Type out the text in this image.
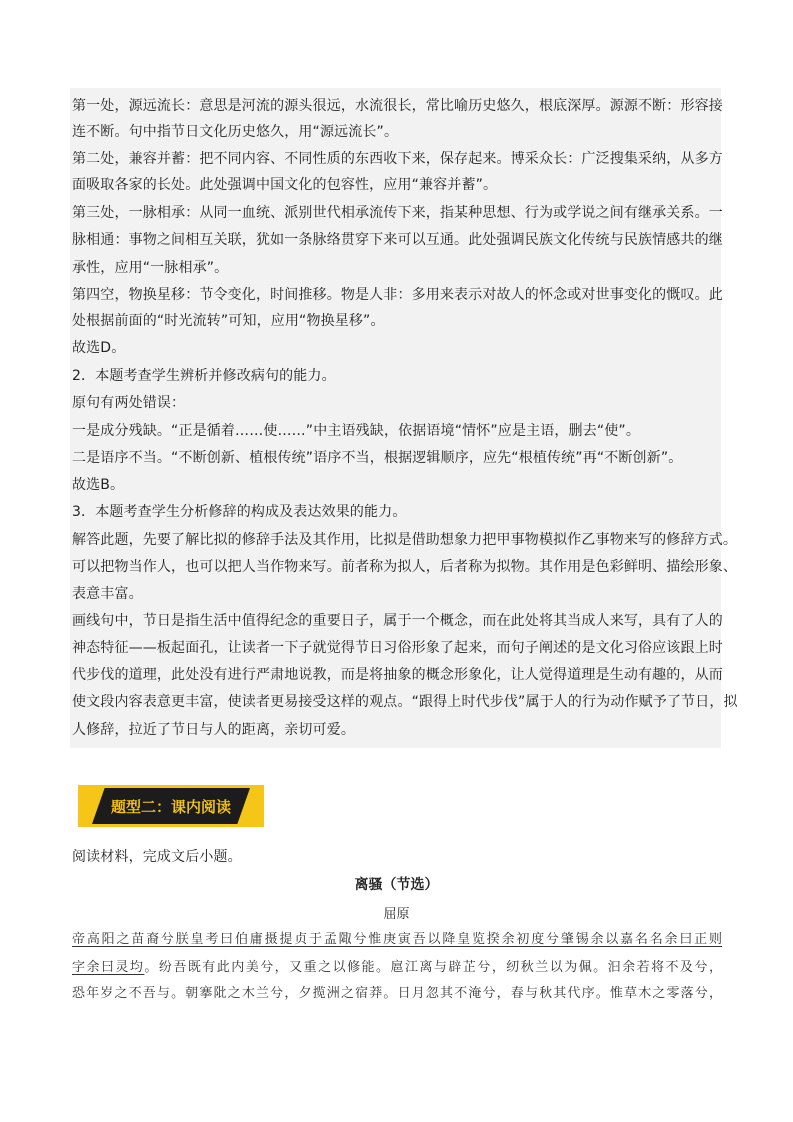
第一处，源远流长：意思是河流的源头很远，水流很长，常比喻历史悠久，根底深厚。源源不断：形容接
连不断。句中指节日文化历史悠久，用“源远流长”。
第二处，兼容并蓄：把不同内容、不同性质的东西收下来，保存起来。博采众长：广泛搜集采纳，从多方
面吸取各家的长处。此处强调中国文化的包容性，应用“兼容并蓄”。
第三处，一脉相承：从同一血统、派别世代相承流传下来，指某种思想、行为或学说之间有继承关系。一
脉相通：事物之间相互关联，犹如一条脉络贯穿下来可以互通。此处强调民族文化传统与民族情感共的继
承性，应用“一脉相承”。
第四空，物换星移：节令变化，时间推移。物是人非：多用来表示对故人的怀念或对世事变化的慨叹。此
处根据前面的“时光流转”可知，应用“物换星移”。
故选D。
2．本题考查学生辨析并修改病句的能力。
原句有两处错误：
一是成分残缺。“正是循着……使……”中主语残缺，依据语境“情怀”应是主语，删去“使”。
二是语序不当。“不断创新、植根传统”语序不当，根据逻辑顺序，应先“根植传统”再“不断创新”。
故选B。
3．本题考查学生分析修辞的构成及表达效果的能力。
解答此题，先要了解比拟的修辞手法及其作用，比拟是借助想象力把甲事物模拟作乙事物来写的修辞方式。
可以把物当作人，也可以把人当作物来写。前者称为拟人，后者称为拟物。其作用是色彩鲜明、描绘形象、
表意丰富。
画线句中，节日是指生活中值得纪念的重要日子，属于一个概念，而在此处将其当成人来写，具有了人的
神态特征——板起面孔，让读者一下子就觉得节日习俗形象了起来，而句子阐述的是文化习俗应该跟上时
代步伐的道理，此处没有进行严肃地说教，而是将抽象的概念形象化，让人觉得道理是生动有趣的，从而
使文段内容表意更丰富，使读者更易接受这样的观点。“跟得上时代步伐”属于人的行为动作赋予了节日，拟
人修辞，拉近了节日与人的距离，亲切可爱。
题型二：课内阅读
阅读材料，完成文后小题。
离骚（节选）
屈原
帝高阳之苗裔兮朕皇考曰伯庸摄提贞于孟陬兮惟庚寅吾以降皇览揆余初度兮肇锡余以嘉名名余曰正则
字余曰灵均。纷吾既有此内美兮，又重之以修能。扈江离与辟芷兮，纫秋兰以为佩。汩余若将不及兮，
恐年岁之不吾与。朝搴阰之木兰兮，夕揽洲之宿莽。日月忽其不淹兮，春与秋其代序。惟草木之零落兮，
